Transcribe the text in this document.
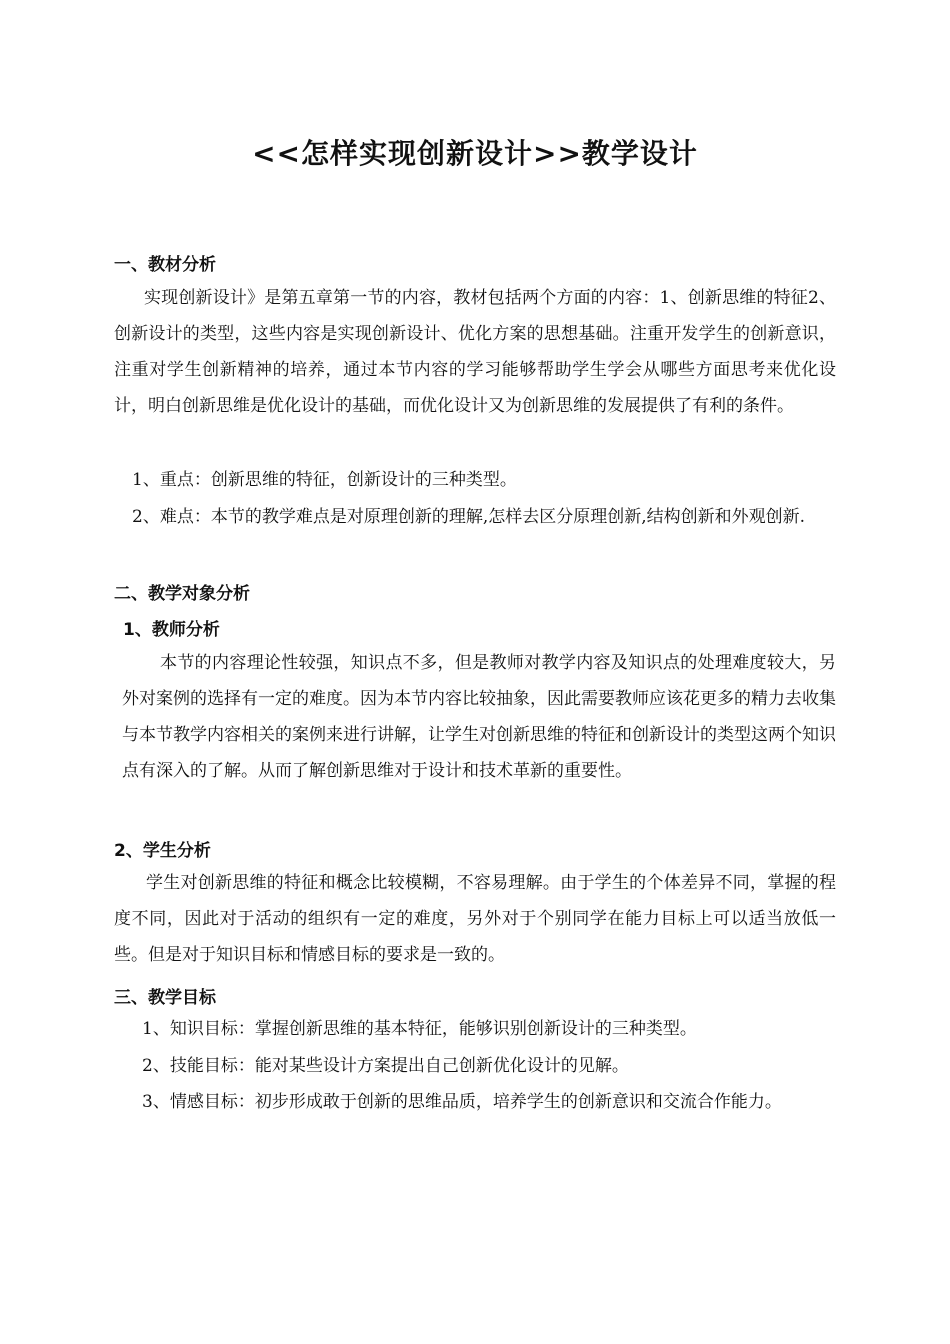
<<怎样实现创新设计>>教学设计
一、教材分析

实现创新设计》是第五章第一节的内容，教材包括两个方面的内容：1、创新思维的特征2、创新设计的类型，这些内容是实现创新设计、优化方案的思想基础。注重开发学生的创新意识，注重对学生创新精神的培养，通过本节内容的学习能够帮助学生学会从哪些方面思考来优化设计，明白创新思维是优化设计的基础，而优化设计又为创新思维的发展提供了有利的条件。

1、重点：创新思维的特征，创新设计的三种类型。

2、难点：本节的教学难点是对原理创新的理解,怎样去区分原理创新,结构创新和外观创新.

二、教学对象分析
1、教师分析

本节的内容理论性较强，知识点不多，但是教师对教学内容及知识点的处理难度较大，另外对案例的选择有一定的难度。因为本节内容比较抽象，因此需要教师应该花更多的精力去收集与本节教学内容相关的案例来进行讲解，让学生对创新思维的特征和创新设计的类型这两个知识点有深入的了解。从而了解创新思维对于设计和技术革新的重要性。

2、学生分析

学生对创新思维的特征和概念比较模糊，不容易理解。由于学生的个体差异不同，掌握的程度不同，因此对于活动的组织有一定的难度，另外对于个别同学在能力目标上可以适当放低一些。但是对于知识目标和情感目标的要求是一致的。

三、教学目标

1、知识目标：掌握创新思维的基本特征，能够识别创新设计的三种类型。

2、技能目标：能对某些设计方案提出自己创新优化设计的见解。

3、情感目标：初步形成敢于创新的思维品质，培养学生的创新意识和交流合作能力。
